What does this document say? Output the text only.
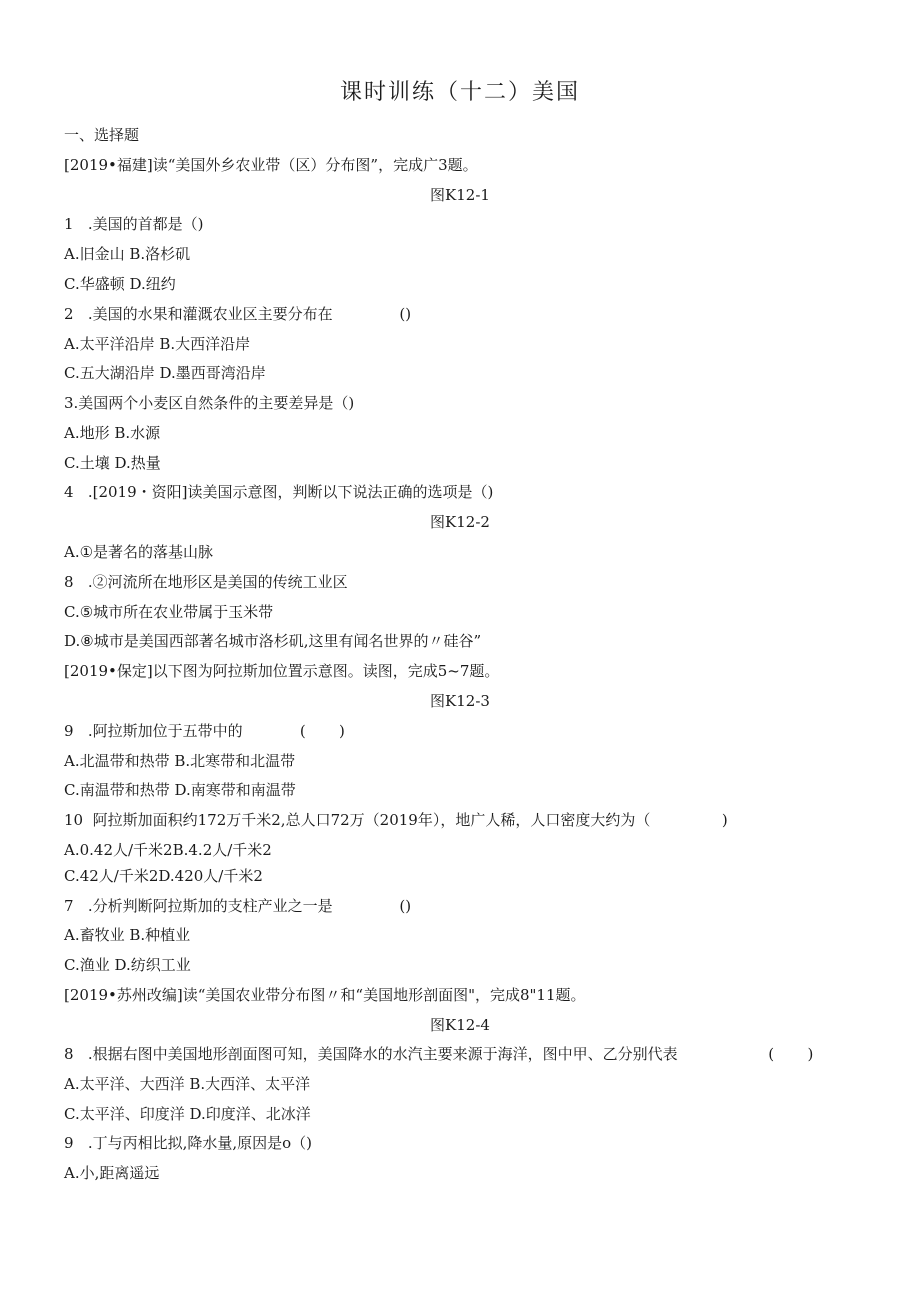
课时训练（十二）美国
一、选择题
[2019•福建]读“美国外乡农业带（区）分布图”，完成广3题。
图K12-1
1   .美国的首都是（)
A.旧金山 B.洛杉矶
C.华盛顿 D.纽约
2   .美国的水果和灌溉农业区主要分布在              ()
A.太平洋沿岸 B.大西洋沿岸
C.五大湖沿岸 D.墨西哥湾沿岸
3.美国两个小麦区自然条件的主要差异是（)
A.地形 B.水源
C.土壤 D.热量
4   .[2019・资阳]读美国示意图，判断以下说法正确的选项是（)
图K12-2
A.①是著名的落基山脉
8   .②河流所在地形区是美国的传统工业区
C.⑤城市所在农业带属于玉米带
D.⑧城市是美国西部著名城市洛杉矶,这里有闻名世界的〃硅谷”
[2019•保定]以下图为阿拉斯加位置示意图。读图，完成5~7题。
图K12-3
9   .阿拉斯加位于五带中的            (       )
A.北温带和热带 B.北寒带和北温带
C.南温带和热带 D.南寒带和南温带
10  阿拉斯加面积约172万千米2,总人口72万（2019年），地广人稀，人口密度大约为（               )
A.0.42人/千米2B.4.2人/千米2
C.42人/千米2D.420人/千米2
7   .分析判断阿拉斯加的支柱产业之一是              ()
A.畜牧业 B.种植业
C.渔业 D.纺织工业
[2019•苏州改编]读“美国农业带分布图〃和“美国地形剖面图"，完成8"11题。
图K12-4
8   .根据右图中美国地形剖面图可知，美国降水的水汽主要来源于海洋，图中甲、乙分别代表                   (       )
A.太平洋、大西洋 B.大西洋、太平洋
C.太平洋、印度洋 D.印度洋、北冰洋
9   .丁与丙相比拟,降水量,原因是o（)
A.小,距离遥远
